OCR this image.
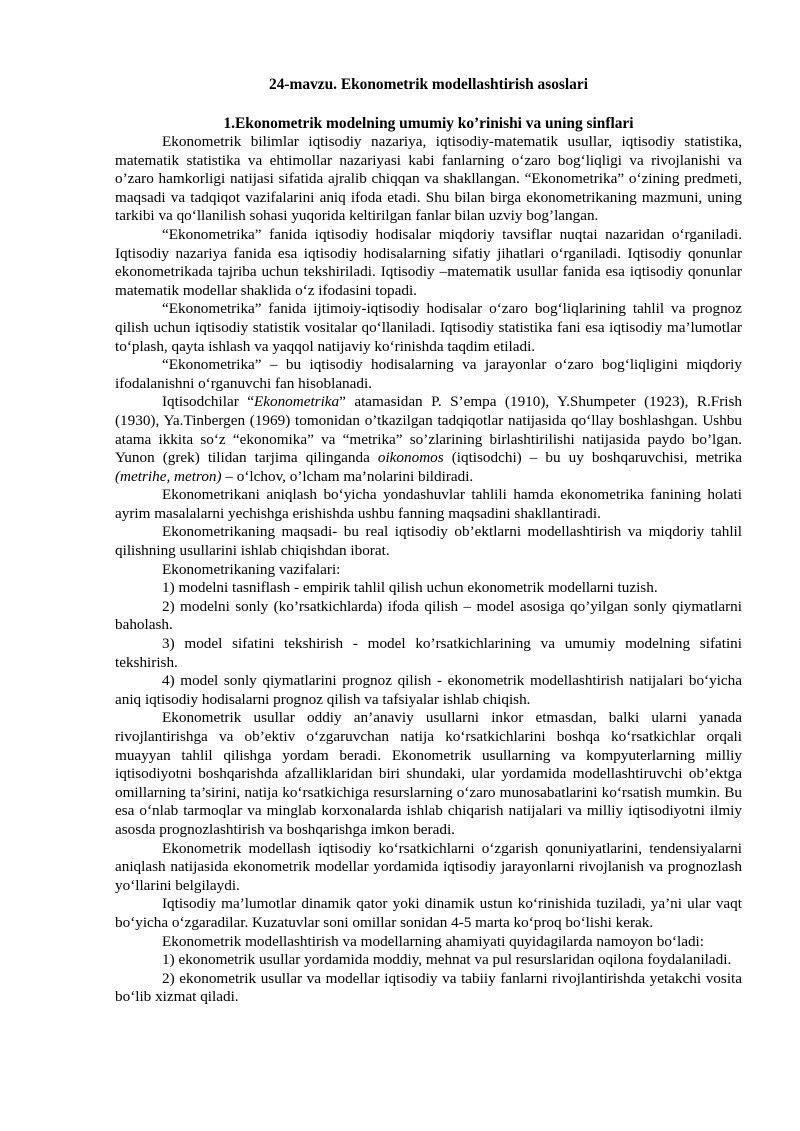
24-mavzu. Ekonometrik modellashtirish asoslari

1.Ekonometrik modelning umumiy ko’rinishi va uning sinflari

Ekonometrik bilimlar iqtisodiy nazariya, iqtisodiy-matematik usullar, iqtisodiy statistika, matematik statistika va ehtimollar nazariyasi kabi fanlarning o‘zaro bog‘liqligi va rivojlanishi va o’zaro hamkorligi natijasi sifatida ajralib chiqqan va shakllangan. “Ekonometrika” o‘zining predmeti, maqsadi va tadqiqot vazifalarini aniq ifoda etadi. Shu bilan birga ekonometrikaning mazmuni, uning tarkibi va qo‘llanilish sohasi yuqorida keltirilgan fanlar bilan uzviy bog’langan.

“Ekonometrika” fanida iqtisodiy hodisalar miqdoriy tavsiflar nuqtai nazaridan o‘rganiladi. Iqtisodiy nazariya fanida esa iqtisodiy hodisalarning sifatiy jihatlari o‘rganiladi. Iqtisodiy qonunlar ekonometrikada tajriba uchun tekshiriladi. Iqtisodiy –matematik usullar fanida esa iqtisodiy qonunlar matematik modellar shaklida o‘z ifodasini topadi.

“Ekonometrika” fanida ijtimoiy-iqtisodiy hodisalar o‘zaro bog‘liqlarining tahlil va prognoz qilish uchun iqtisodiy statistik vositalar qo‘llaniladi. Iqtisodiy statistika fani esa iqtisodiy ma’lumotlar to‘plash, qayta ishlash va yaqqol natijaviy ko‘rinishda taqdim etiladi.

“Ekonometrika” – bu iqtisodiy hodisalarning va jarayonlar o‘zaro bog‘liqligini miqdoriy ifodalanishni o‘rganuvchi fan hisoblanadi.

Iqtisodchilar “Ekonometrika” atamasidan P. S’empa (1910), Y.Shumpeter (1923), R.Frish (1930), Ya.Tinbergen (1969) tomonidan o’tkazilgan tadqiqotlar natijasida qo‘llay boshlashgan. Ushbu atama ikkita so‘z “ekonomika” va “metrika” so’zlarining birlashtirilishi natijasida paydo bo’lgan. Yunon (grek) tilidan tarjima qilinganda oikonomos (iqtisodchi) – bu uy boshqaruvchisi, metrika (metrihe, metron) – o‘lchov, o’lcham ma’nolarini bildiradi.

Ekonometrikani aniqlash bo‘yicha yondashuvlar tahlili hamda ekonometrika fanining holati ayrim masalalarni yechishga erishishda ushbu fanning maqsadini shakllantiradi.

Ekonometrikaning maqsadi- bu real iqtisodiy ob’ektlarni modellashtirish va miqdoriy tahlil qilishning usullarini ishlab chiqishdan iborat.

Ekonometrikaning vazifalari:

1) modelni tasniflash - empirik tahlil qilish uchun ekonometrik modellarni tuzish.

2) modelni sonly (ko’rsatkichlarda) ifoda qilish – model asosiga qo’yilgan sonly qiymatlarni baholash.

3) model sifatini tekshirish - model ko’rsatkichlarining va umumiy modelning sifatini tekshirish.

4) model sonly qiymatlarini prognoz qilish - ekonometrik modellashtirish natijalari bo‘yicha aniq iqtisodiy hodisalarni prognoz qilish va tafsiyalar ishlab chiqish.

Ekonometrik usullar oddiy an’anaviy usullarni inkor etmasdan, balki ularni yanada rivojlantirishga va ob’ektiv o‘zgaruvchan natija ko‘rsatkichlarini boshqa ko‘rsatkichlar orqali muayyan tahlil qilishga yordam beradi. Ekonometrik usullarning va kompyuterlarning milliy iqtisodiyotni boshqarishda afzalliklaridan biri shundaki, ular yordamida modellashtiruvchi ob’ektga omillarning ta’sirini, natija ko‘rsatkichiga resurslarning o‘zaro munosabatlarini ko‘rsatish mumkin. Bu esa o‘nlab tarmoqlar va minglab korxonalarda ishlab chiqarish natijalari va milliy iqtisodiyotni ilmiy asosda prognozlashtirish va boshqarishga imkon beradi.

Ekonometrik modellash iqtisodiy ko‘rsatkichlarni o‘zgarish qonuniyatlarini, tendensiyalarni aniqlash natijasida ekonometrik modellar yordamida iqtisodiy jarayonlarni rivojlanish va prognozlash yo‘llarini belgilaydi.

Iqtisodiy ma’lumotlar dinamik qator yoki dinamik ustun ko‘rinishida tuziladi, ya’ni ular vaqt bo‘yicha o‘zgaradilar. Kuzatuvlar soni omillar sonidan 4-5 marta ko‘proq bo‘lishi kerak.

Ekonometrik modellashtirish va modellarning ahamiyati quyidagilarda namoyon bo‘ladi:

1) ekonometrik usullar yordamida moddiy, mehnat va pul resurslaridan oqilona foydalaniladi.

2) ekonometrik usullar va modellar iqtisodiy va tabiiy fanlarni rivojlantirishda yetakchi vosita bo‘lib xizmat qiladi.
